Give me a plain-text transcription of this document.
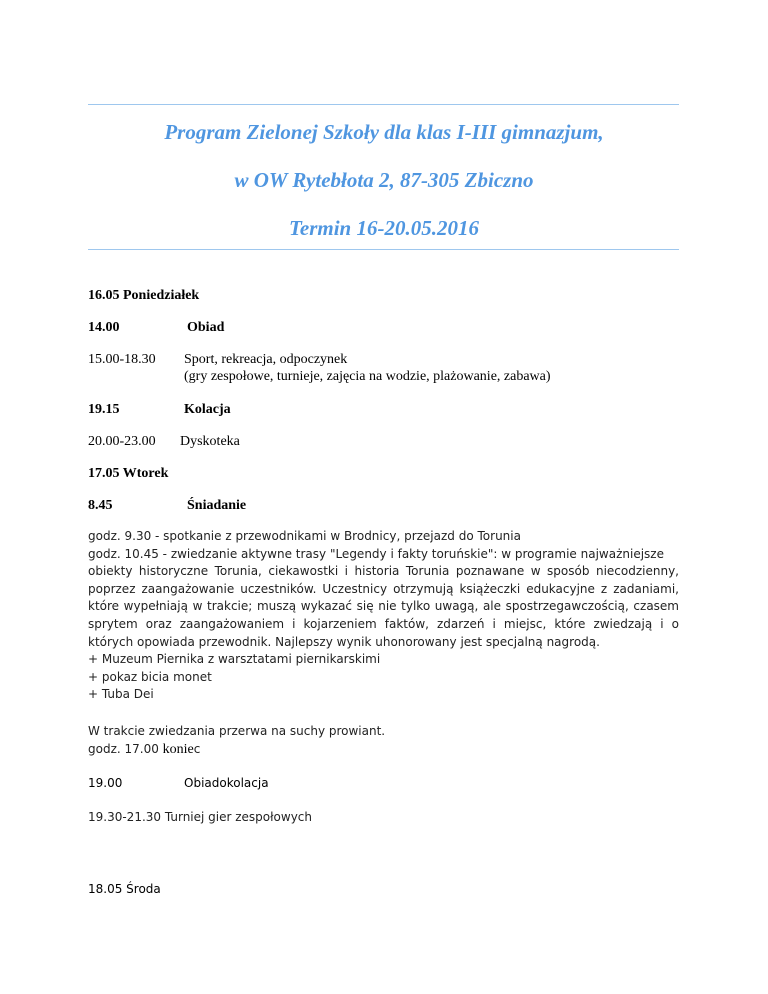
Program Zielonej Szkoły dla klas I-III gimnazjum,
w OW Rytebłota 2, 87-305 Zbiczno
Termin 16-20.05.2016
16.05 Poniedziałek
14.00	Obiad
15.00-18.30 Sport, rekreacja, odpoczynek
(gry zespołowe, turnieje, zajęcia na wodzie, plażowanie, zabawa)
19.15	Kolacja
20.00-23.00 Dyskoteka
17.05 Wtorek
8.45	Śniadanie
godz. 9.30 - spotkanie z przewodnikami w Brodnicy, przejazd do Torunia
godz. 10.45 - zwiedzanie aktywne trasy "Legendy i fakty toruńskie": w programie najważniejsze
obiekty historyczne Torunia, ciekawostki i historia Torunia poznawane w sposób niecodzienny,
poprzez zaangażowanie uczestników. Uczestnicy otrzymują książeczki edukacyjne z zadaniami,
które wypełniają w trakcie; muszą wykazać się nie tylko uwagą, ale spostrzegawczością, czasem
sprytem oraz zaangażowaniem i kojarzeniem faktów, zdarzeń i miejsc, które zwiedzają i o
których opowiada przewodnik. Najlepszy wynik uhonorowany jest specjalną nagrodą.
+ Muzeum Piernika z warsztatami piernikarskimi
+ pokaz bicia monet
+ Tuba Dei
W trakcie zwiedzania przerwa na suchy prowiant.
godz. 17.00 koniec
19.00	Obiadokolacja
19.30-21.30 Turniej gier zespołowych
18.05 Środa
